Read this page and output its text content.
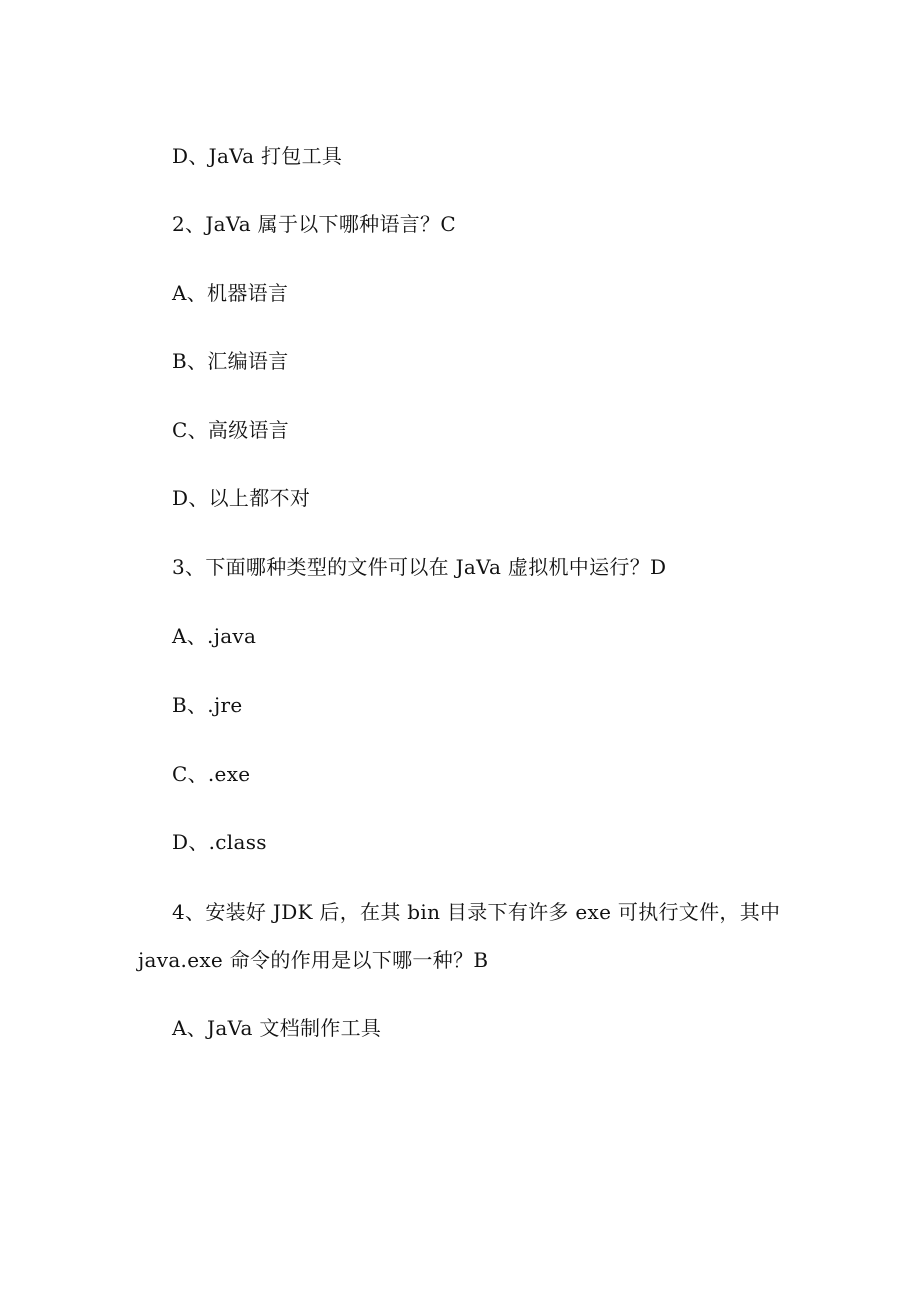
D、JaVa 打包工具
2、JaVa 属于以下哪种语言？C
A、机器语言
B、汇编语言
C、高级语言
D、以上都不对
3、下面哪种类型的文件可以在 JaVa 虚拟机中运行？D
A、.java
B、.jre
C、.exe
D、.class
4、安装好 JDK 后，在其 bin 目录下有许多 exe 可执行文件，其中
java.exe 命令的作用是以下哪一种？B
A、JaVa 文档制作工具
